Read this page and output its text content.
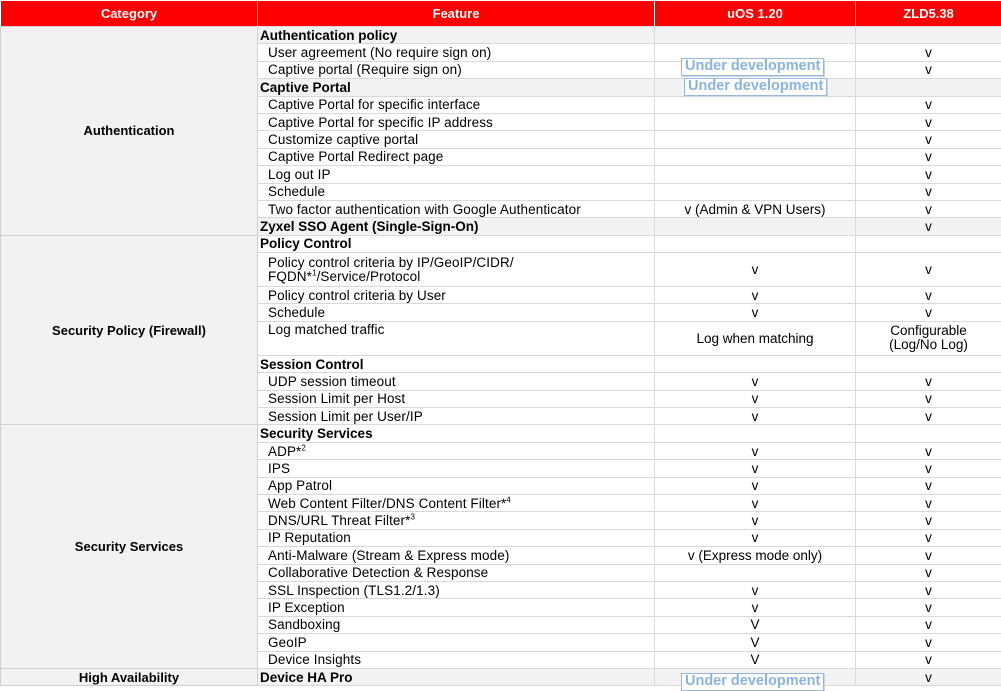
Category	Feature	uOS 1.20	ZLD5.38
Authentication	Authentication policy		
	User agreement (No require sign on)		v
	Captive portal (Require sign on)		v
	Captive Portal		
	Captive Portal for specific interface		v
	Captive Portal for specific IP address		v
	Customize captive portal		v
	Captive Portal Redirect page		v
	Log out IP		v
	Schedule		v
	Two factor authentication with Google Authenticator	v (Admin & VPN Users)	v
	Zyxel SSO Agent (Single-Sign-On)		v
Security Policy (Firewall)	Policy Control		
	Policy control criteria by IP/GeoIP/CIDR/
FQDN*$^1$/Service/Protocol	v	v
	Policy control criteria by User	v	v
	Schedule	v	v
	Log matched traffic	Log when matching	Configurable
(Log/No Log)
	Session Control		
	UDP session timeout	v	v
	Session Limit per Host	v	v
	Session Limit per User/IP	v	v
Security Services	Security Services		
	ADP*$^2$	v	v
	IPS	v	v
	App Patrol	v	v
	Web Content Filter/DNS Content Filter*$^4$	v	v
	DNS/URL Threat Filter*$^3$	v	v
	IP Reputation	v	v
	Anti-Malware (Stream & Express mode)	v (Express mode only)	v
	Collaborative Detection & Response		v
	SSL Inspection (TLS1.2/1.3)	v	v
	IP Exception	v	v
	Sandboxing	V	v
	GeoIP	V	v
	Device Insights	V	v
High Availability	Device HA Pro		v
Under development
Under development
Under development
